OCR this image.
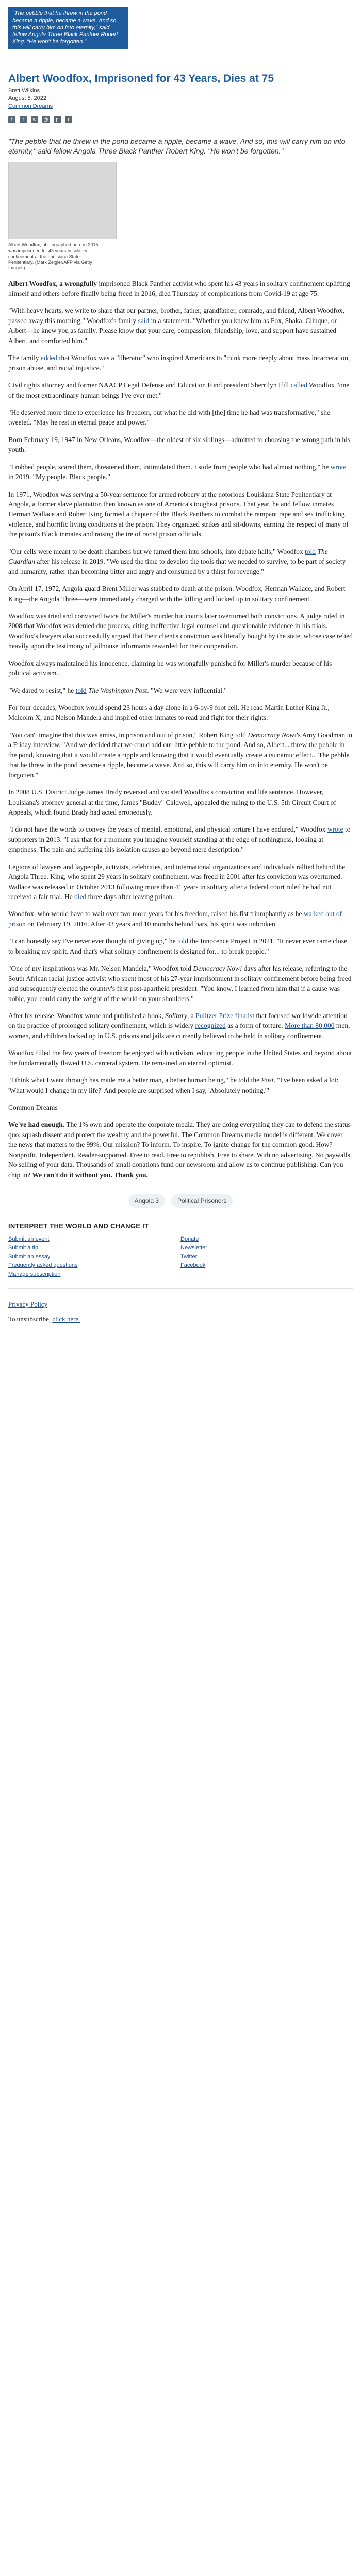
"The pebble that he threw in the pond became a ripple, became a wave. And so, this will carry him on into eternity," said fellow Angola Three Black Panther Robert King. "He won't be forgotten."
Albert Woodfox, Imprisoned for 43 Years, Dies at 75
Brett Wilkins
August 5, 2022
Common Dreams
f	t	w	@	p	r
"The pebble that he threw in the pond became a ripple, became a wave. And so, this will carry him on into eternity," said fellow Angola Three Black Panther Robert King. "He won't be forgotten."
Albert Woodfox, photographed here in 2015, was imprisoned for 43 years in solitary confinement at the Louisiana State Penitentiary. (Mark Zeigler/AFP via Getty Images)

Albert Woodfox, a wrongfully imprisoned Black Panther activist who spent his 43 years in solitary confinement uplifting himself and others before finally being freed in 2016, died Thursday of complications from Covid-19 at age 75.

"With heavy hearts, we write to share that our partner, brother, father, grandfather, comrade, and friend, Albert Woodfox, passed away this morning," Woodfox's family said in a statement. "Whether you knew him as Fox, Shaka, Clinque, or Albert—he knew you as family. Please know that your care, compassion, friendship, love, and support have sustained Albert, and comforted him."

The family added that Woodfox was a "liberator" who inspired Americans to "think more deeply about mass incarceration, prison abuse, and racial injustice."

Civil rights attorney and former NAACP Legal Defense and Education Fund president Sherrilyn Ifill called Woodfox "one of the most extraordinary human beings I've ever met."

"He deserved more time to experience his freedom, but what he did with [the] time he had was transformative," she tweeted. "May he rest in eternal peace and power."

Born February 19, 1947 in New Orleans, Woodfox—the oldest of six siblings—admitted to choosing the wrong path in his youth.

"I robbed people, scared them, threatened them, intimidated them. I stole from people who had almost nothing," he wrote in 2019. "My people. Black people."

In 1971, Woodfox was serving a 50-year sentence for armed robbery at the notorious Louisiana State Penitentiary at Angola, a former slave plantation then known as one of America's toughest prisons. That year, he and fellow inmates Herman Wallace and Robert King formed a chapter of the Black Panthers to combat the rampant rape and sex trafficking, violence, and horrific living conditions at the prison. They organized strikes and sit-downs, earning the respect of many of the prison's Black inmates and raising the ire of racist prison officials.

"Our cells were meant to be death chambers but we turned them into schools, into debate halls," Woodfox told The Guardian after his release in 2019. "We used the time to develop the tools that we needed to survive, to be part of society and humanity, rather than becoming bitter and angry and consumed by a thirst for revenge."

On April 17, 1972, Angola guard Brent Miller was stabbed to death at the prison. Woodfox, Herman Wallace, and Robert King—the Angola Three—were immediately charged with the killing and locked up in solitary confinement.

Woodfox was tried and convicted twice for Miller's murder but courts later overturned both convictions. A judge ruled in 2008 that Woodfox was denied due process, citing ineffective legal counsel and questionable evidence in his trials. Woodfox's lawyers also successfully argued that their client's conviction was literally bought by the state, whose case relied heavily upon the testimony of jailhouse informants rewarded for their cooperation.

Woodfox always maintained his innocence, claiming he was wrongfully punished for Miller's murder because of his political activism.

"We dared to resist," he told The Washington Post. "We were very influential."

For four decades, Woodfox would spend 23 hours a day alone in a 6-by-9 foot cell. He read Martin Luther King Jr., Malcolm X, and Nelson Mandela and inspired other inmates to read and fight for their rights.

"You can't imagine that this was amiss, in prison and out of prison," Robert King told Democracy Now!'s Amy Goodman in a Friday interview. "And we decided that we could add our little pebble to the pond. And so, Albert... threw the pebble in the pond, knowing that it would create a ripple and knowing that it would eventually create a tsunamic effect... The pebble that he threw in the pond became a ripple, became a wave. And so, this will carry him on into eternity. He won't be forgotten."

In 2008 U.S. District Judge James Brady reversed and vacated Woodfox's conviction and life sentence. However, Louisiana's attorney general at the time, James "Buddy" Caldwell, appealed the ruling to the U.S. 5th Circuit Court of Appeals, which found Brady had acted erroneously.

"I do not have the words to convey the years of mental, emotional, and physical torture I have endured," Woodfox wrote to supporters in 2013. "I ask that for a moment you imagine yourself standing at the edge of nothingness, looking at emptiness. The pain and suffering this isolation causes go beyond mere description."

Legions of lawyers and laypeople, activists, celebrities, and international organizations and individuals rallied behind the Angola Three. King, who spent 29 years in solitary confinement, was freed in 2001 after his conviction was overturned. Wallace was released in October 2013 following more than 41 years in solitary after a federal court ruled he had not received a fair trial. He died three days after leaving prison.

Woodfox, who would have to wait over two more years for his freedom, raised his fist triumphantly as he walked out of prison on February 19, 2016. After 43 years and 10 months behind bars, his spirit was unbroken.

"I can honestly say I've never ever thought of giving up," he told the Innocence Project in 2021. "It never ever came close to breaking my spirit. And that's what solitary confinement is designed for... to break people."

"One of my inspirations was Mr. Nelson Mandela," Woodfox told Democracy Now! days after his release, referring to the South African racial justice activist who spent most of his 27-year imprisonment in solitary confinement before being freed and subsequently elected the country's first post-apartheid president. "You know, I learned from him that if a cause was noble, you could carry the weight of the world on your shoulders."

After his release, Woodfox wrote and published a book, Solitary, a Pulitzer Prize finalist that focused worldwide attention on the practice of prolonged solitary confinement, which is widely recognized as a form of torture. More than 80,000 men, women, and children locked up in U.S. prisons and jails are currently believed to be held in solitary confinement.

Woodfox filled the few years of freedom he enjoyed with activism, educating people in the United States and beyond about the fundamentally flawed U.S. carceral system. He remained an eternal optimist.

"I think what I went through has made me a better man, a better human being," he told the Post. "I've been asked a lot: 'What would I change in my life?' And people are surprised when I say, 'Absolutely nothing.'"

Common Dreams

We've had enough. The 1% own and operate the corporate media. They are doing everything they can to defend the status quo, squash dissent and protect the wealthy and the powerful. The Common Dreams media model is different. We cover the news that matters to the 99%. Our mission? To inform. To inspire. To ignite change for the common good. How? Nonprofit. Independent. Reader-supported. Free to read. Free to republish. Free to share. With no advertising. No paywalls. No selling of your data. Thousands of small donations fund our newsroom and allow us to continue publishing. Can you chip in? We can't do it without you. Thank you.

Angola 3	Political Prisoners
INTERPRET THE WORLD AND CHANGE IT
Submit an event
Submit a tip
Submit an essay
Frequently asked questions
Manage subscription
Donate
Newsletter
Twitter
Facebook

Privacy Policy

To unsubscribe, click here.
